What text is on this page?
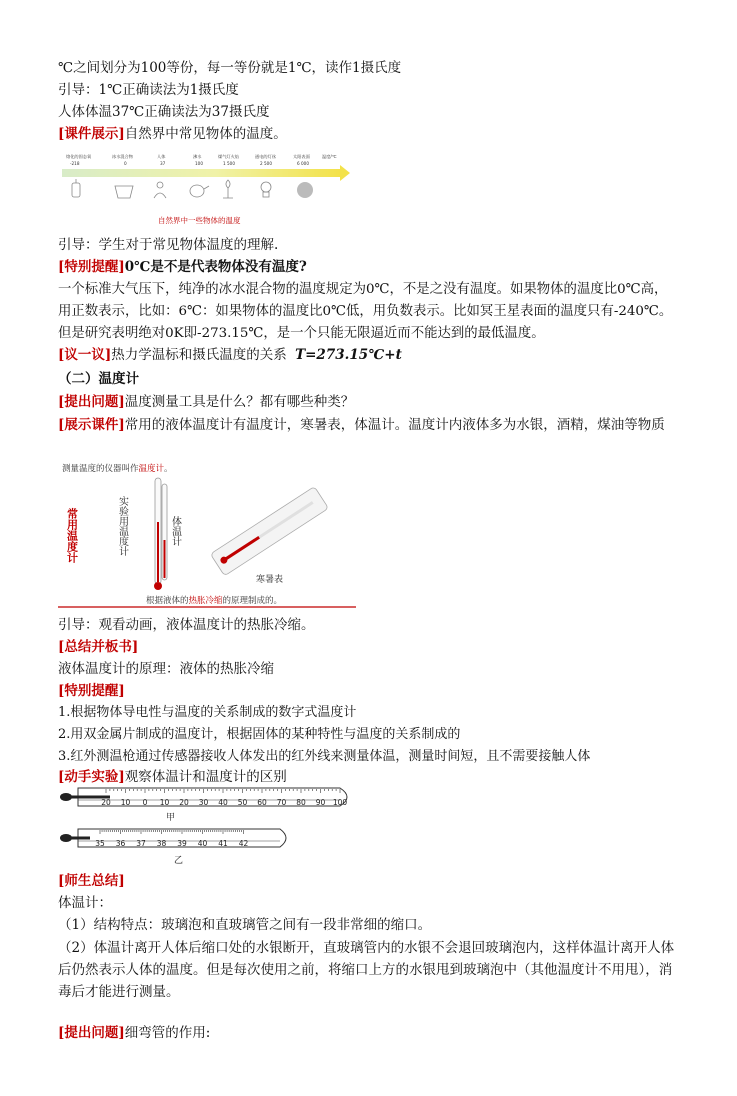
℃之间划分为100等份，每一等份就是1℃，读作1摄氏度
引导：1℃正确读法为1摄氏度
人体体温37℃正确读法为37摄氏度
[课件展示]自然界中常见物体的温度。
熔化的固态氧	冰水混合物	人体	沸水	煤气灯火焰	通电的灯丝	太阳表面	温度/℃
-218	0	37	100	1 500	2 500	6 000
自然界中一些物体的温度
引导：学生对于常见物体温度的理解.
[特别提醒]0℃是不是代表物体没有温度?
一个标准大气压下，纯净的冰水混合物的温度规定为0℃，不是之没有温度。如果物体的温度比0℃高，用正数表示，比如：6℃：如果物体的温度比0℃低，用负数表示。比如冥王星表面的温度只有-240℃。但是研究表明绝对0K即-273.15℃，是一个只能无限逼近而不能达到的最低温度。
[议一议]热力学温标和摄氏温度的关系 T=273.15℃+t
（二）温度计
[提出问题]温度测量工具是什么？都有哪些种类？
[展示课件]常用的液体温度计有温度计，寒暑表，体温计。温度计内液体多为水银，酒精，煤油等物质
测量温度的仪器叫作温度计。
常用温度计	实验用温度计	体温计
寒暑表
根据液体的热胀冷缩的原理制成的。
引导：观看动画，液体温度计的热胀冷缩。
[总结并板书]
液体温度计的原理：液体的热胀冷缩
[特别提醒]
1.根据物体导电性与温度的关系制成的数字式温度计
2.用双金属片制成的温度计，根据固体的某种特性与温度的关系制成的
3.红外测温枪通过传感器接收人体发出的红外线来测量体温，测量时间短，且不需要接触人体
[动手实验]观察体温计和温度计的区别
20 10 0 10 20 30 40 50 60 70 80 90 100
甲
35 36 37 38 39 40 41 42
乙
[师生总结]
体温计：
（1）结构特点：玻璃泡和直玻璃管之间有一段非常细的缩口。
（2）体温计离开人体后缩口处的水银断开，直玻璃管内的水银不会退回玻璃泡内，这样体温计离开人体后仍然表示人体的温度。但是每次使用之前，将缩口上方的水银甩到玻璃泡中（其他温度计不用甩），消毒后才能进行测量。
[提出问题]细弯管的作用:
